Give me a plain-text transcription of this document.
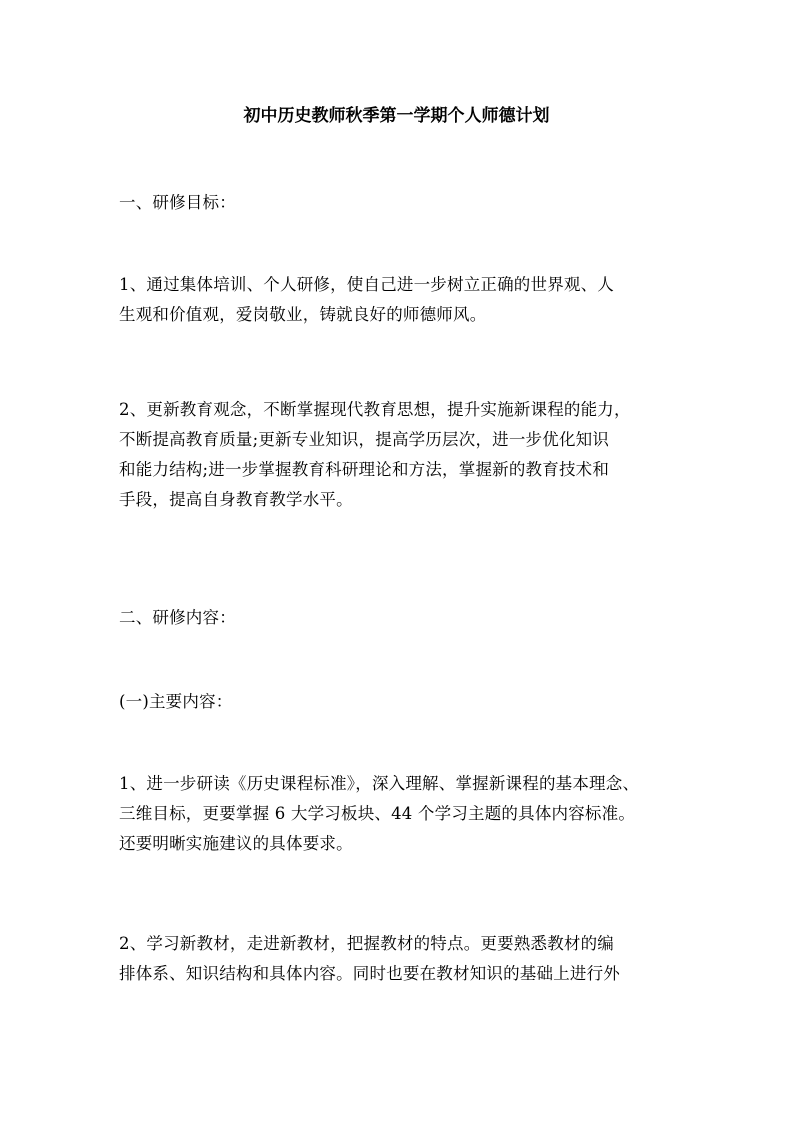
初中历史教师秋季第一学期个人师德计划
一、研修目标：
1、通过集体培训、个人研修，使自己进一步树立正确的世界观、人
生观和价值观，爱岗敬业，铸就良好的师德师风。
2、更新教育观念，不断掌握现代教育思想，提升实施新课程的能力，
不断提高教育质量;更新专业知识，提高学历层次，进一步优化知识
和能力结构;进一步掌握教育科研理论和方法，掌握新的教育技术和
手段，提高自身教育教学水平。
二、研修内容：
(一)主要内容：
1、进一步研读《历史课程标准》，深入理解、掌握新课程的基本理念、
三维目标，更要掌握 6 大学习板块、44 个学习主题的具体内容标准。
还要明晰实施建议的具体要求。
2、学习新教材，走进新教材，把握教材的特点。更要熟悉教材的编
排体系、知识结构和具体内容。同时也要在教材知识的基础上进行外
